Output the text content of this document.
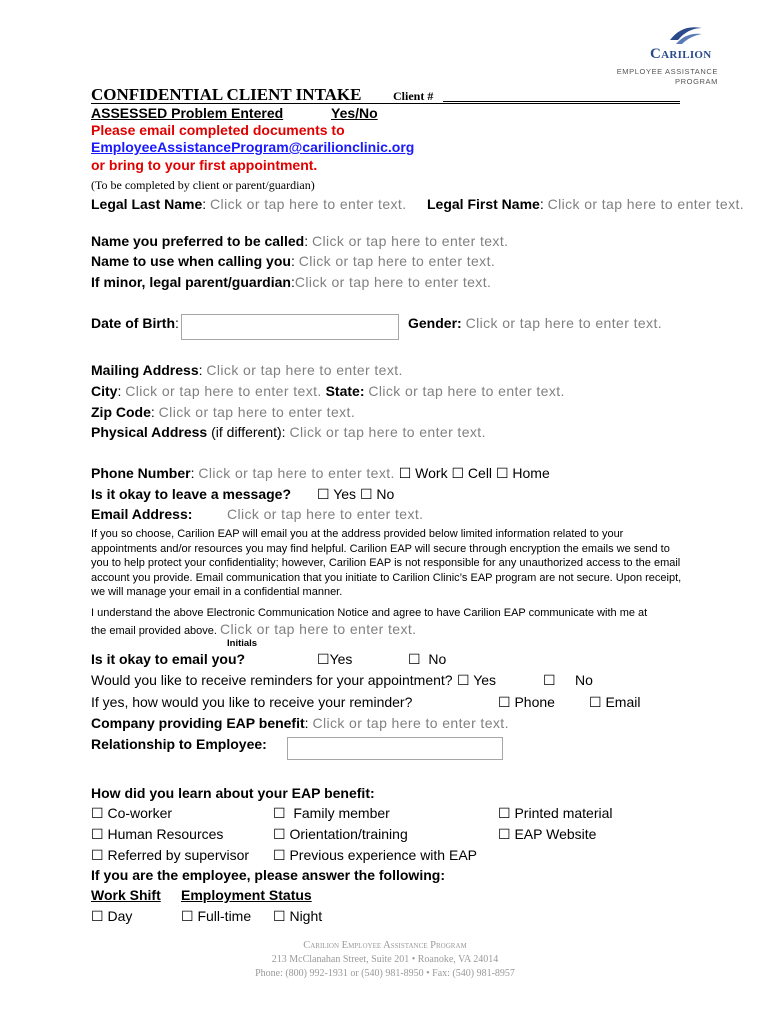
Carilion
EMPLOYEE ASSISTANCE
PROGRAM
CONFIDENTIAL CLIENT INTAKE	Client #
ASSESSED Problem Entered	Yes/No
Please email completed documents to
EmployeeAssistanceProgram@carilionclinic.org
or bring to your first appointment.
(To be completed by client or parent/guardian)
Legal Last Name: Click or tap here to enter text. Legal First Name: Click or tap here to enter text.
Name you preferred to be called: Click or tap here to enter text.
Name to use when calling you: Click or tap here to enter text.
If minor, legal parent/guardian:Click or tap here to enter text.
Date of Birth:	Gender: Click or tap here to enter text.
Mailing Address: Click or tap here to enter text.
City: Click or tap here to enter text. State: Click or tap here to enter text.
Zip Code: Click or tap here to enter text.
Physical Address (if different): Click or tap here to enter text.
Phone Number: Click or tap here to enter text. ☐ Work ☐ Cell ☐ Home
Is it okay to leave a message? ☐ Yes ☐ No
Email Address: Click or tap here to enter text.
If you so choose, Carilion EAP will email you at the address provided below limited information related to your appointments and/or resources you may find helpful. Carilion EAP will secure through encryption the emails we send to you to help protect your confidentiality; however, Carilion EAP is not responsible for any unauthorized access to the email account you provide. Email communication that you initiate to Carilion Clinic’s EAP program are not secure. Upon receipt, we will manage your email in a confidential manner.
I understand the above Electronic Communication Notice and agree to have Carilion EAP communicate with me at
the email provided above. Click or tap here to enter text.
Initials
Is it okay to email you?	☐Yes	☐ No
Would you like to receive reminders for your appointment? ☐ Yes	☐ No
If yes, how would you like to receive your reminder?	☐ Phone ☐ Email
Company providing EAP benefit: Click or tap here to enter text.
Relationship to Employee:
How did you learn about your EAP benefit:
☐ Co-worker	☐ Family member	☐ Printed material
☐ Human Resources	☐ Orientation/training	☐ EAP Website
☐ Referred by supervisor ☐ Previous experience with EAP
If you are the employee, please answer the following:
Work Shift Employment Status
☐ Day	☐ Full-time ☐ Night
Carilion Employee Assistance Program
213 McClanahan Street, Suite 201 • Roanoke, VA 24014
Phone: (800) 992-1931 or (540) 981-8950 • Fax: (540) 981-8957
